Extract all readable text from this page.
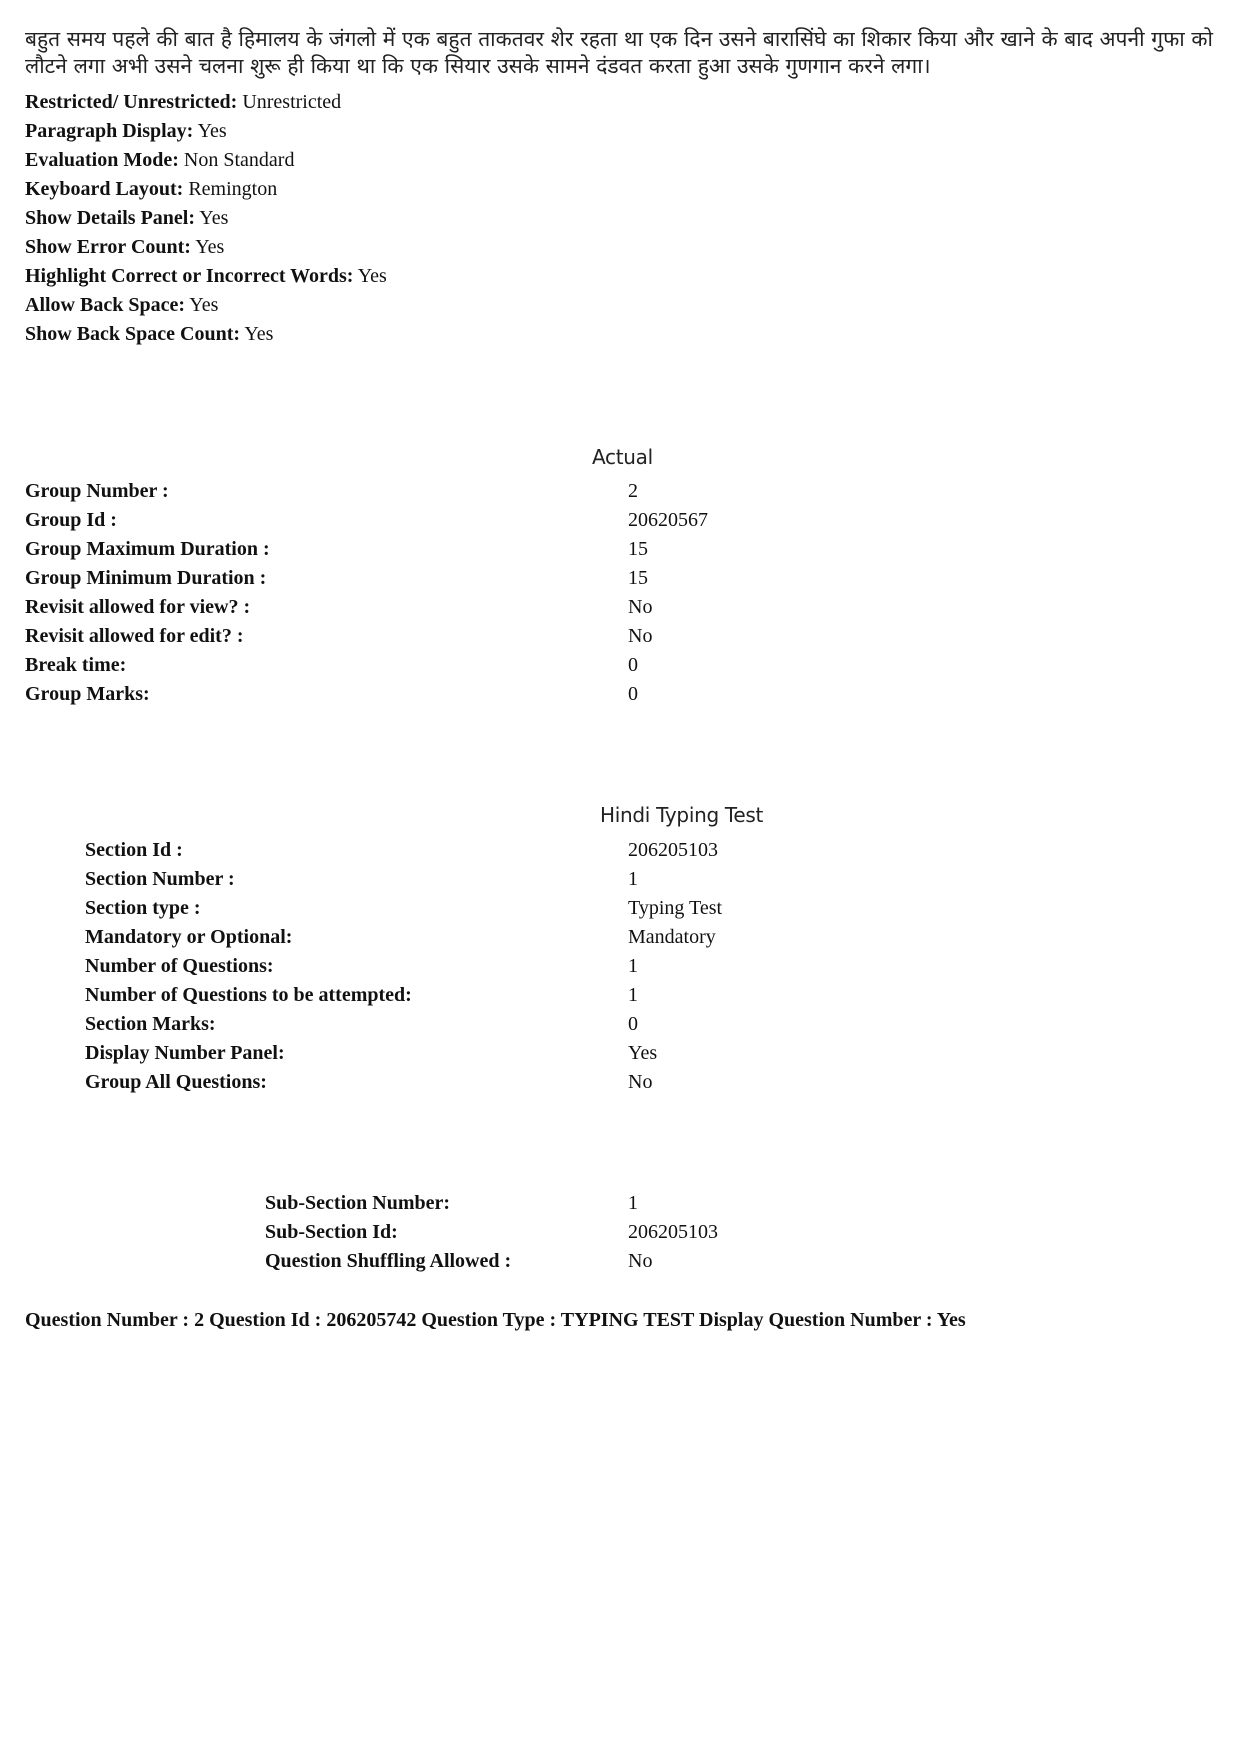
बहुत समय पहले की बात है हिमालय के जंगलो में एक बहुत ताकतवर शेर रहता था एक दिन उसने बारासिंघे का शिकार किया और खाने के बाद अपनी गुफा को लौटने लगा अभी उसने चलना शुरू ही किया था कि एक सियार उसके सामने दंडवत करता हुआ उसके गुणगान करने लगा।
Restricted/ Unrestricted: Unrestricted
Paragraph Display: Yes
Evaluation Mode: Non Standard
Keyboard Layout: Remington
Show Details Panel: Yes
Show Error Count: Yes
Highlight Correct or Incorrect Words: Yes
Allow Back Space: Yes
Show Back Space Count: Yes
Actual
Group Number :	2
Group Id :	20620567
Group Maximum Duration :	15
Group Minimum Duration :	15
Revisit allowed for view? :	No
Revisit allowed for edit? :	No
Break time:	0
Group Marks:	0
Hindi Typing Test
Section Id :	206205103
Section Number :	1
Section type :	Typing Test
Mandatory or Optional:	Mandatory
Number of Questions:	1
Number of Questions to be attempted:	1
Section Marks:	0
Display Number Panel:	Yes
Group All Questions:	No
Sub-Section Number:	1
Sub-Section Id:	206205103
Question Shuffling Allowed :	No
Question Number : 2 Question Id : 206205742 Question Type : TYPING TEST Display Question Number : Yes
